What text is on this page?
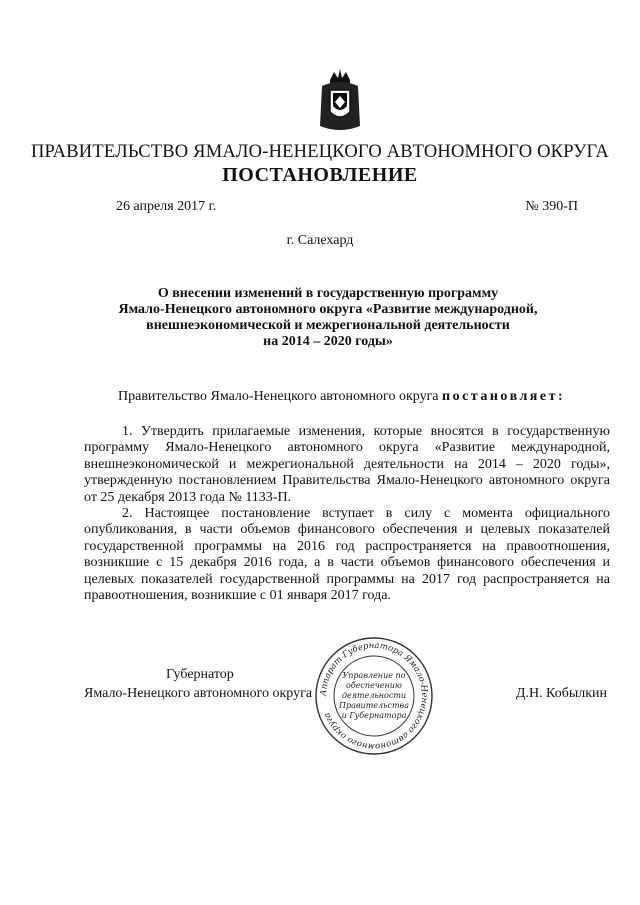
ПРАВИТЕЛЬСТВО ЯМАЛО-НЕНЕЦКОГО АВТОНОМНОГО ОКРУГА
ПОСТАНОВЛЕНИЕ
26 апреля 2017 г.	№ 390-П
г. Салехард
О внесении изменений в государственную программу
Ямало-Ненецкого автономного округа «Развитие международной,
внешнеэкономической и межрегиональной деятельности
на 2014 – 2020 годы»
Правительство Ямало-Ненецкого автономного округа постановляет:

1. Утвердить прилагаемые изменения, которые вносятся в государственную программу Ямало-Ненецкого автономного округа «Развитие международной, внешнеэкономической и межрегиональной деятельности на 2014 – 2020 годы», утвержденную постановлением Правительства Ямало-Ненецкого автономного округа от 25 декабря 2013 года № 1133-П.

2. Настоящее постановление вступает в силу с момента официального опубликования, в части объемов финансового обеспечения и целевых показателей государственной программы на 2016 год распространяется на правоотношения, возникшие с 15 декабря 2016 года, а в части объемов финансового обеспечения и целевых показателей государственной программы на 2017 год распространяется на правоотношения, возникшие с 01 января 2017 года.

Губернатор
Ямало-Ненецкого автономного округа	Д.Н. Кобылкин
Аппарат Губернатора Ямало-Ненецкого автономного округа
Управление по
обеспечению
деятельности
Правительства
и Губернатора
